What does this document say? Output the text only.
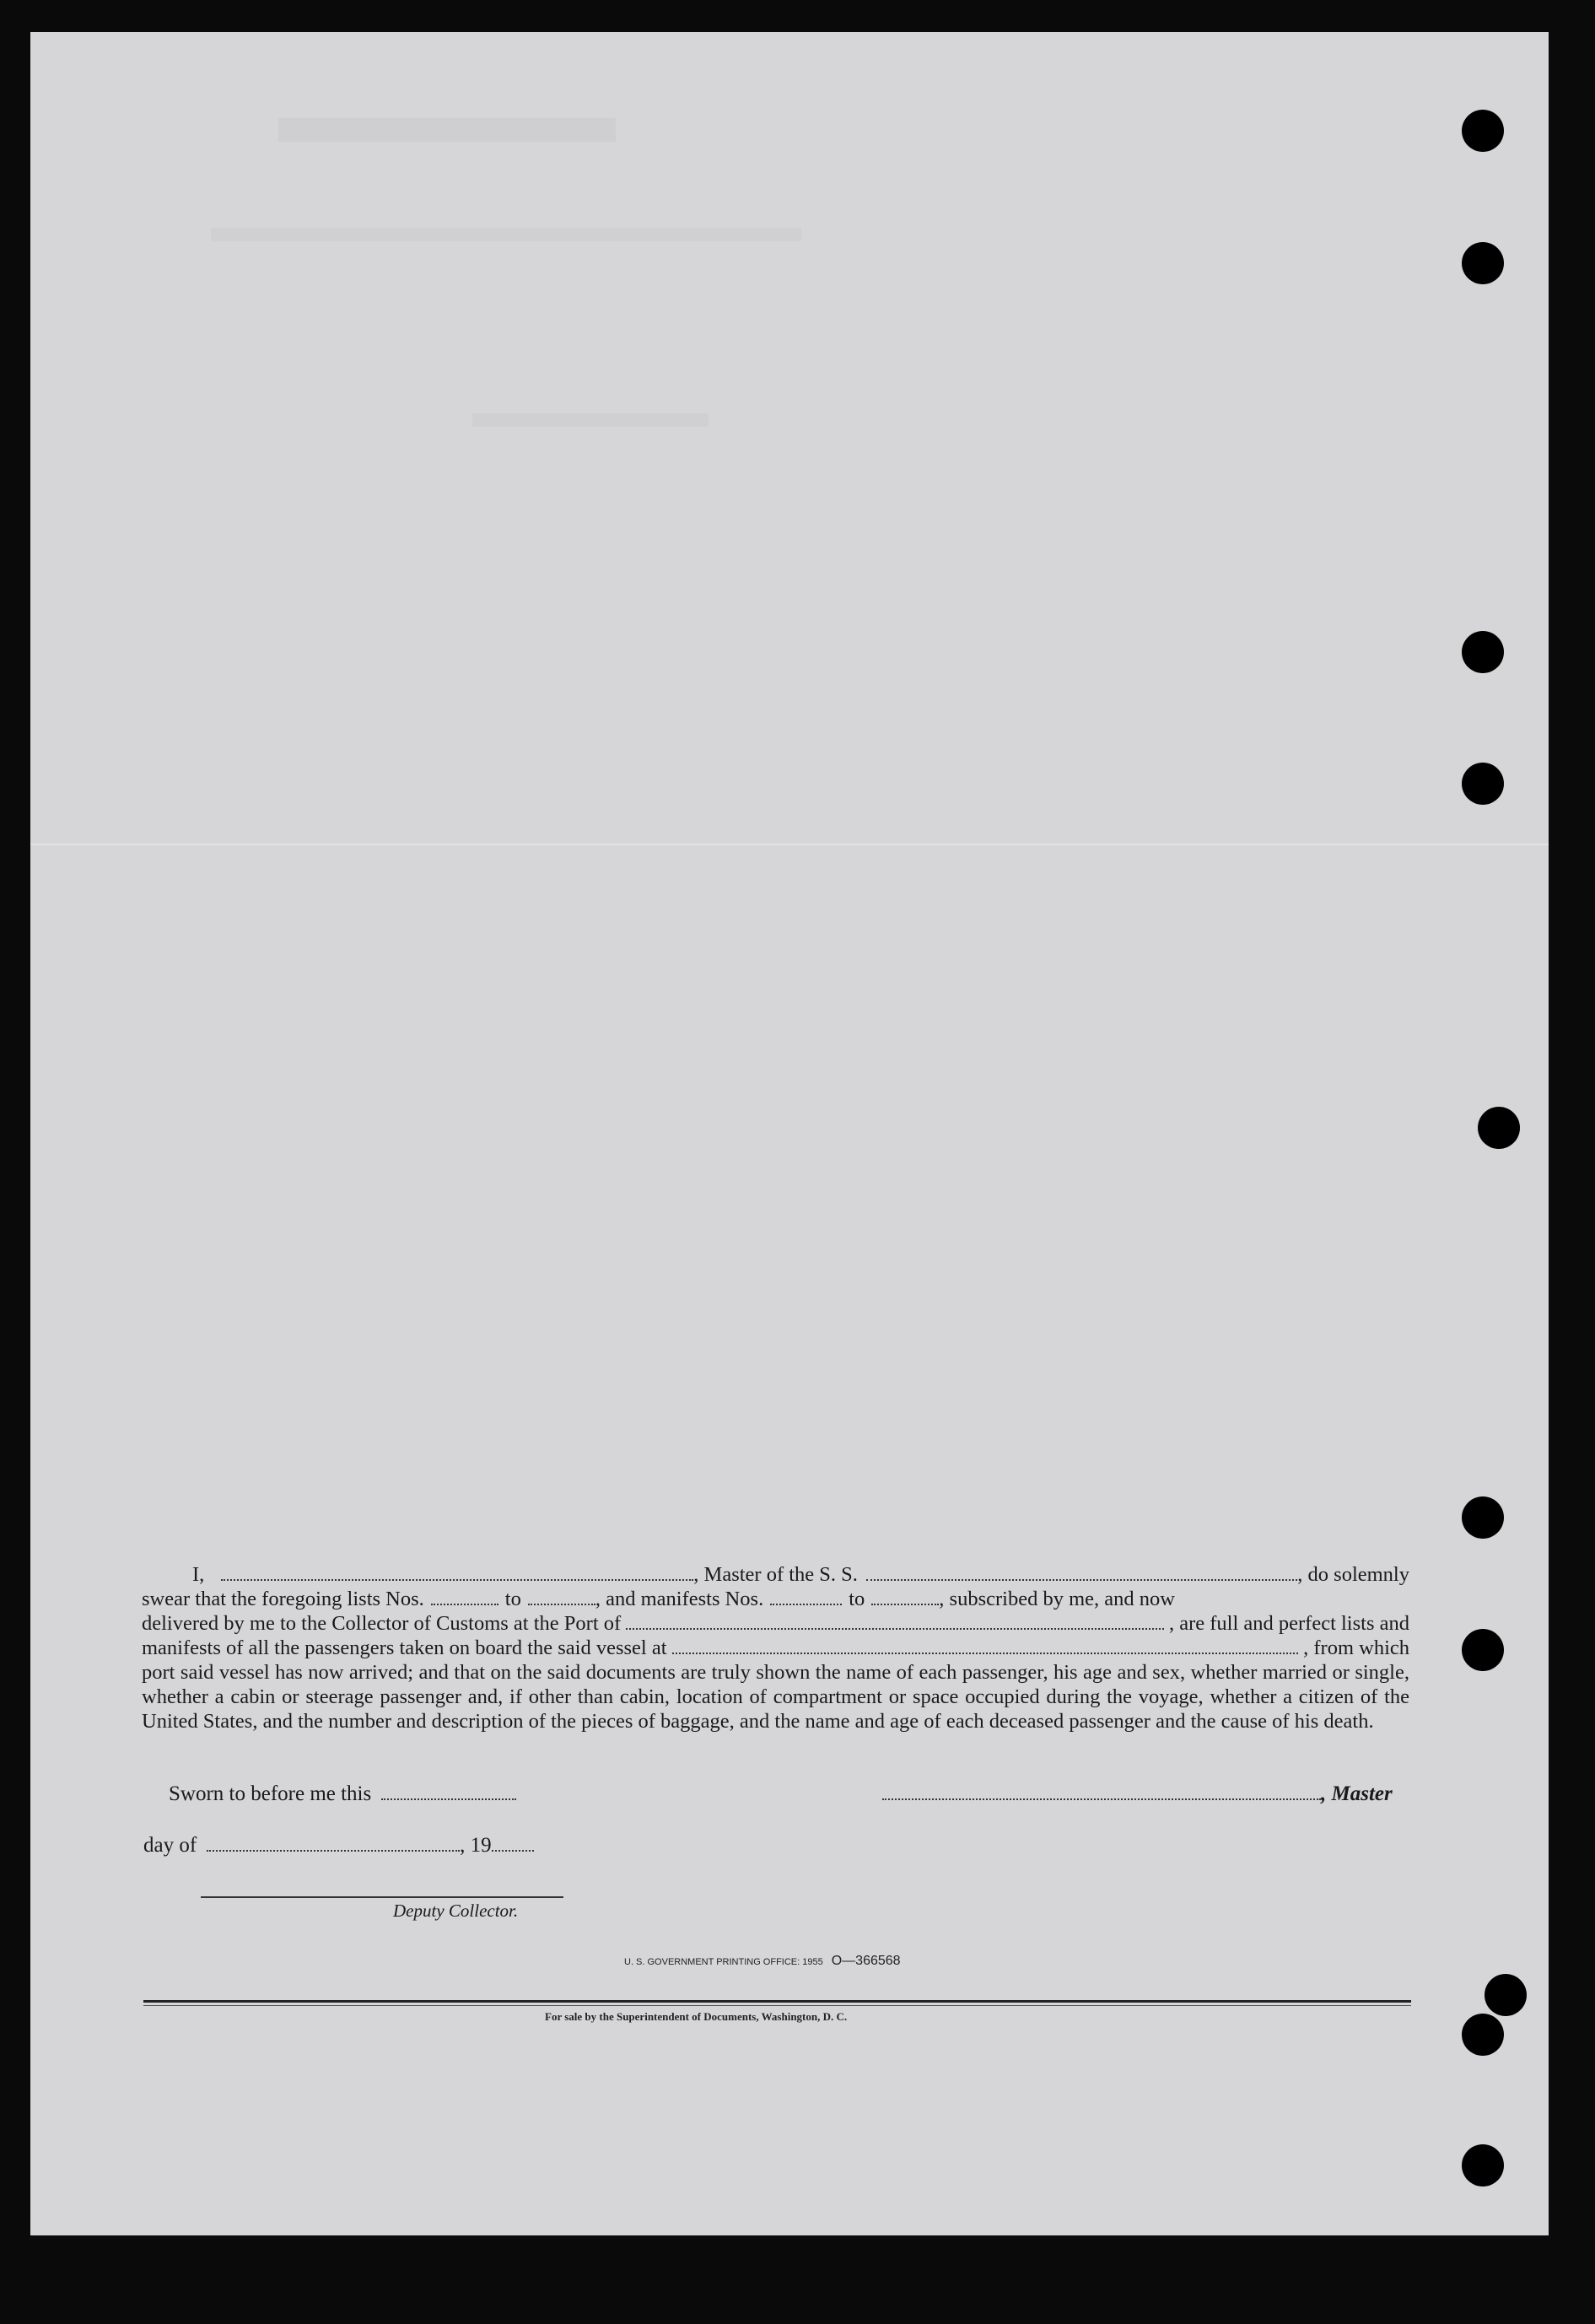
I,	, Master of the S. S.	, do solemnly
swear that the foregoing lists Nos.	to	, and manifests Nos.	to	, subscribed by me, and now
delivered by me to the Collector of Customs at the Port of	, are full and perfect lists and
manifests of all the passengers taken on board the said vessel at	, from which
port said vessel has now arrived; and that on the said documents are truly shown the name of each passenger, his age and sex, whether married or single, whether a cabin or steerage passenger and, if other than cabin, location of compartment or space occupied during the voyage, whether a citizen of the United States, and the number and description of the pieces of baggage, and the name and age of each deceased passenger and the cause of his death.
Sworn to before me this	, Master
day of	, 19
Deputy Collector.
U. S. GOVERNMENT PRINTING OFFICE: 1955 O—366568
For sale by the Superintendent of Documents, Washington, D. C.
